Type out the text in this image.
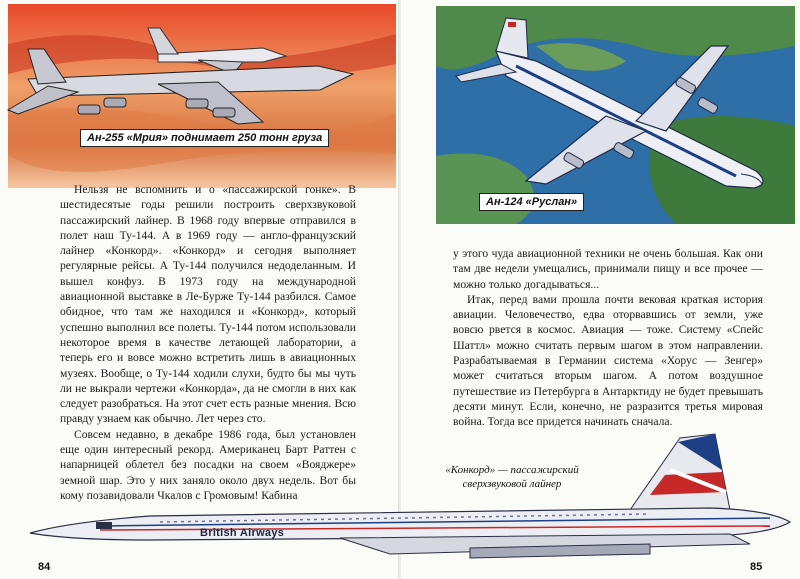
Ан-255 «Мрия» поднимает 250 тонн груза

Нельзя не вспомнить и о «пассажирской гонке». В шестидесятые годы решили построить сверхзвуковой пассажирский лайнер. В 1968 году впервые отправился в полет наш Ту-144. А в 1969 году — англо-французский лайнер «Конкорд». «Конкорд» и сегодня выполняет регулярные рейсы. А Ту-144 получился недоделанным. И вышел конфуз. В 1973 году на международной авиационной выставке в Ле-Бурже Ту-144 разбился. Самое обидное, что там же находился и «Конкорд», который успешно выполнил все полеты. Ту-144 потом использовали некоторое время в качестве летающей лаборатории, а теперь его и вовсе можно встретить лишь в авиационных музеях. Вообще, о Ту-144 ходили слухи, будто бы мы чуть ли не выкрали чертежи «Конкорда», да не смогли в них как следует разобраться. На этот счет есть разные мнения. Всю правду узнаем как обычно. Лет через сто.

Совсем недавно, в декабре 1986 года, был установлен еще один интересный рекорд. Американец Барт Раттен с напарницей облетел без посадки на своем «Вояджере» земной шар. Это у них заняло около двух недель. Вот бы кому позавидовали Чкалов с Громовым! Кабина

84
Ан-124 «Руслан»

у этого чуда авиационной техники не очень большая. Как они там две недели умещались, принимали пищу и все прочее — можно только догадываться...

Итак, перед вами прошла почти вековая краткая история авиации. Человечество, едва оторвавшись от земли, уже вовсю рвется в космос. Авиация — тоже. Систему «Спейс Шаттл» можно считать первым шагом в этом направлении. Разрабатываемая в Германии система «Хорус — Зенгер» может считаться вторым шагом. А потом воздушное путешествие из Петербурга в Антарктиду не будет превышать десяти минут. Если, конечно, не разразится третья мировая война. Тогда все придется начинать сначала.

«Конкорд» — пассажирский
сверхзвуковой лайнер
85
British Airways
